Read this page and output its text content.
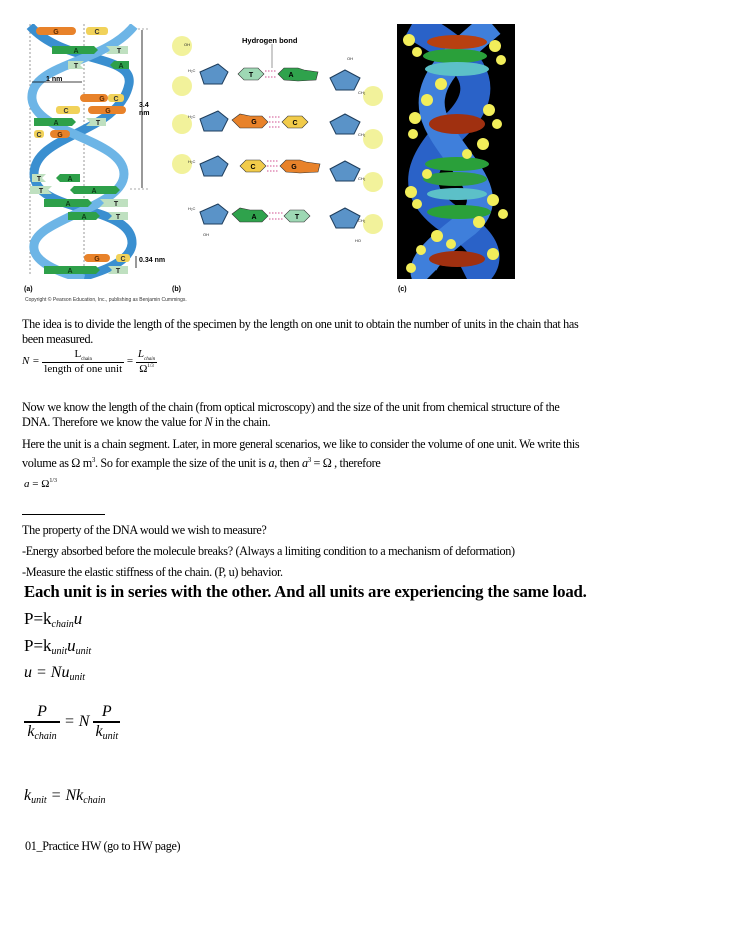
G	C
A	T
T	A
G C
C	G
A	T
C G
T	A
T	A
A	T
A	T
G	C
A	T
1 nm
3.4
nm
0.34 nm
(a)
T	A
G	C
C	G
A	T
OH
H₂C
H₂C
H₂C
H₂C
OH
OH
CH₂
CH₂
CH₂
CH₂
HO
Hydrogen bond
(b)	(c)
Copyright © Pearson Education, Inc., publishing as Benjamin Cummings.
The idea is to divide the length of the specimen by the length on one unit to obtain the number of units in the chain that has
been measured.
$N = \frac{L_{chain}}{\text{length of one unit}} = \frac{L_{chain}}{\Omega^{1/3}}$
Now we know the length of the chain (from optical microscopy) and the size of the unit from chemical structure of the
DNA. Therefore we know the value for N in the chain.
Here the unit is a chain segment. Later, in more general scenarios, we like to consider the volume of one unit. We write this
volume as Ω $m^3$. So for example the size of the unit is a, then $a^3 = \Omega$ , therefore
$a = \Omega^{1/3}$
The property of the DNA would we wish to measure?
-Energy absorbed before the molecule breaks? (Always a limiting condition to a mechanism of deformation)
-Measure the elastic stiffness of the chain. (P, u) behavior.
Each unit is in series with the other. And all units are experiencing the same load.
$P=k_{chain}u$
$P=k_{unit}u_{unit}$
$u = Nu_{unit}$
$\frac{P}{k_{chain}} = N \frac{P}{k_{unit}}$
$k_{unit} = Nk_{chain}$
01_Practice HW (go to HW page)
